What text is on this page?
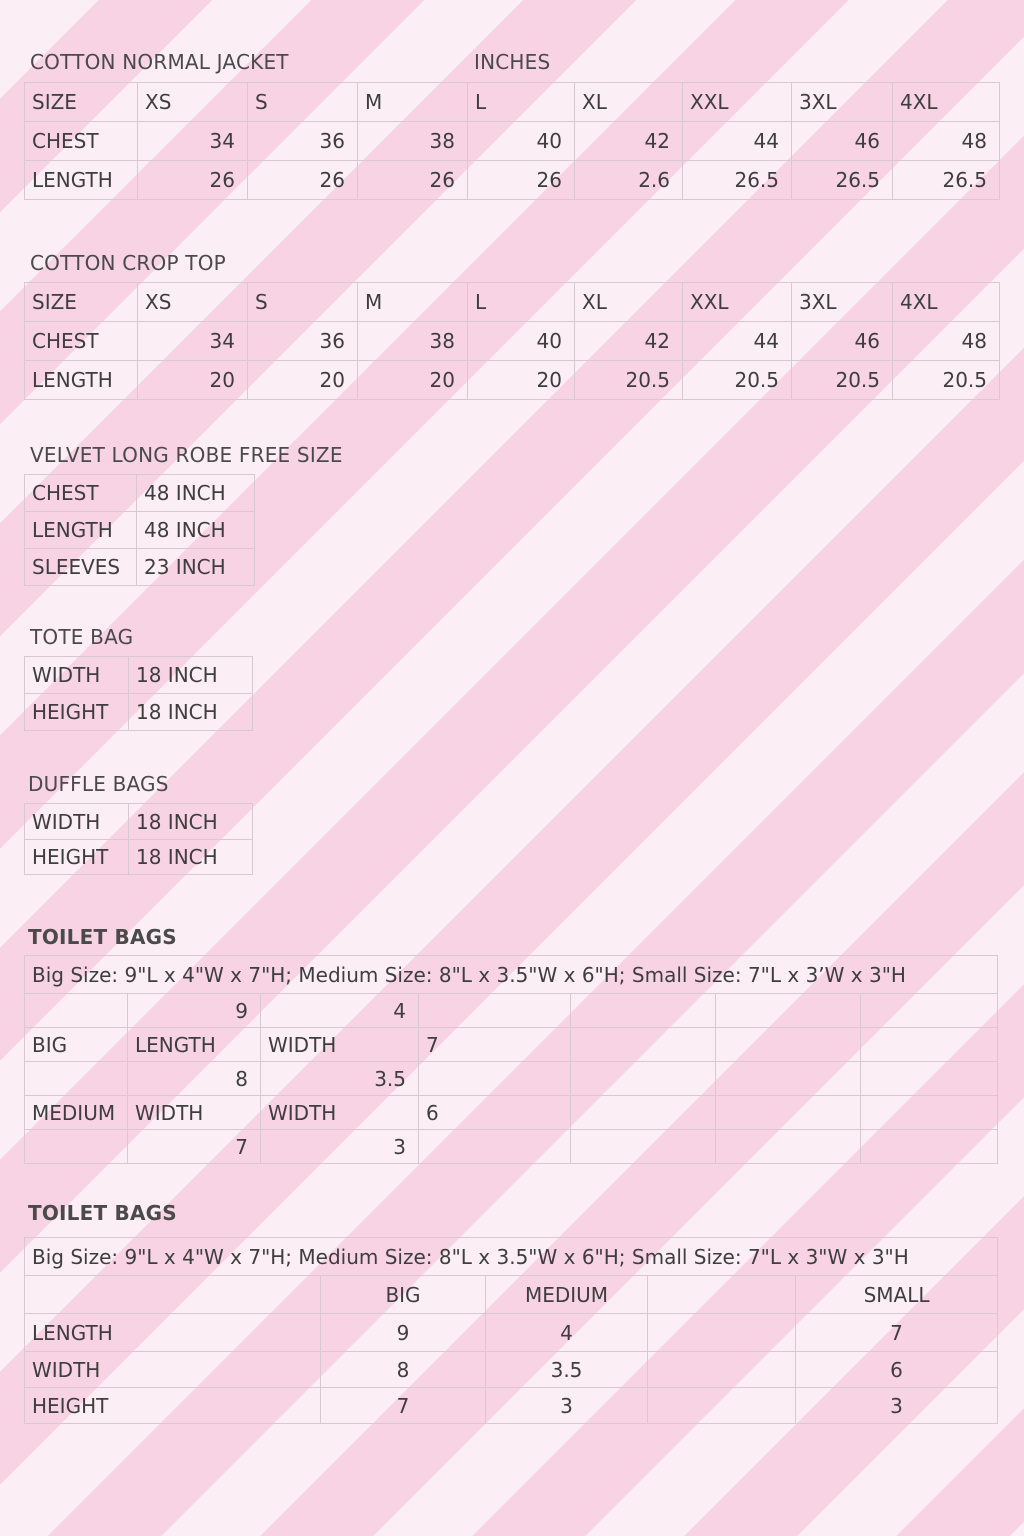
COTTON NORMAL JACKET	INCHES
SIZE	XS	S	M	L	XL	XXL	3XL	4XL
CHEST	34	36	38	40	42	44	46	48
LENGTH	26	26	26	26	2.6	26.5	26.5	26.5
COTTON CROP TOP
SIZE	XS	S	M	L	XL	XXL	3XL	4XL
CHEST	34	36	38	40	42	44	46	48
LENGTH	20	20	20	20	20.5	20.5	20.5	20.5
VELVET LONG ROBE FREE SIZE
CHEST	48 INCH
LENGTH	48 INCH
SLEEVES	23 INCH
TOTE BAG
WIDTH	18 INCH
HEIGHT	18 INCH
DUFFLE BAGS
WIDTH	18 INCH
HEIGHT	18 INCH
TOILET BAGS
Big Size: 9"L x 4"W x 7"H; Medium Size: 8"L x 3.5"W x 6"H; Small Size: 7"L x 3’W x 3"H						
	9	4				
BIG	LENGTH	WIDTH	7			
	8	3.5				
MEDIUM	WIDTH	WIDTH	6			
	7	3				
TOILET BAGS
Big Size: 9"L x 4"W x 7"H; Medium Size: 8"L x 3.5"W x 6"H; Small Size: 7"L x 3"W x 3"H				
	BIG	MEDIUM		SMALL
LENGTH	9	4		7
WIDTH	8	3.5		6
HEIGHT	7	3		3
